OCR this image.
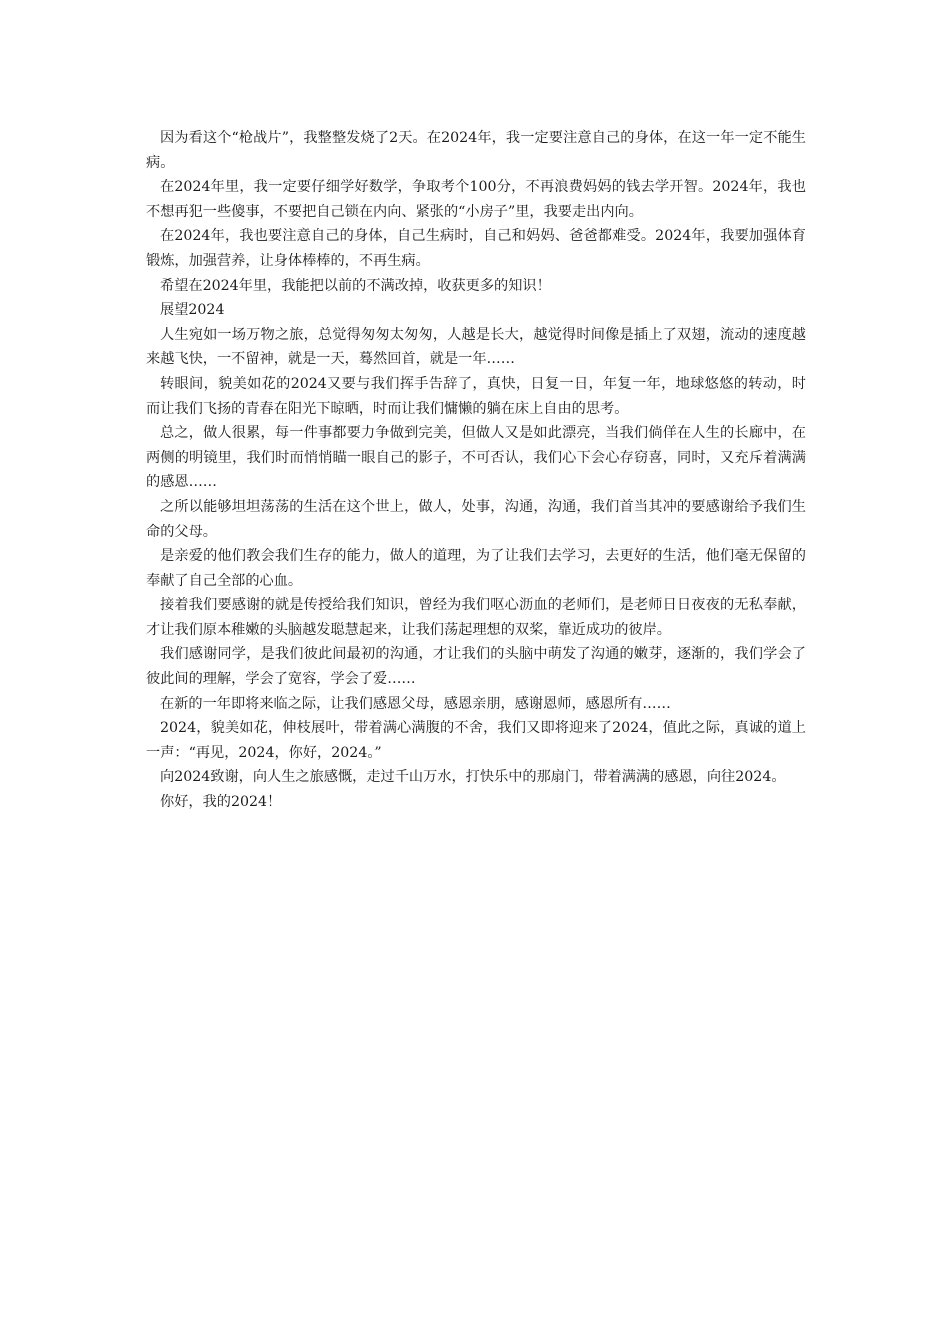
因为看这个“枪战片”，我整整发烧了2天。在2024年，我一定要注意自己的身体，在这一年一定不能生病。

在2024年里，我一定要仔细学好数学，争取考个100分，不再浪费妈妈的钱去学开智。2024年，我也不想再犯一些傻事，不要把自己锁在内向、紧张的“小房子”里，我要走出内向。

在2024年，我也要注意自己的身体，自己生病时，自己和妈妈、爸爸都难受。2024年，我要加强体育锻炼，加强营养，让身体棒棒的，不再生病。

希望在2024年里，我能把以前的不满改掉，收获更多的知识！

展望2024

人生宛如一场万物之旅，总觉得匆匆太匆匆，人越是长大，越觉得时间像是插上了双翅，流动的速度越来越飞快，一不留神，就是一天，蓦然回首，就是一年……

转眼间，貌美如花的2024又要与我们挥手告辞了，真快，日复一日，年复一年，地球悠悠的转动，时而让我们飞扬的青春在阳光下晾晒，时而让我们慵懒的躺在床上自由的思考。

总之，做人很累，每一件事都要力争做到完美，但做人又是如此漂亮，当我们倘佯在人生的长廊中，在两侧的明镜里，我们时而悄悄瞄一眼自己的影子，不可否认，我们心下会心存窃喜，同时，又充斥着满满的感恩……

之所以能够坦坦荡荡的生活在这个世上，做人，处事，沟通，沟通，我们首当其冲的要感谢给予我们生命的父母。

是亲爱的他们教会我们生存的能力，做人的道理，为了让我们去学习，去更好的生活，他们毫无保留的奉献了自己全部的心血。

接着我们要感谢的就是传授给我们知识，曾经为我们呕心沥血的老师们，是老师日日夜夜的无私奉献，才让我们原本稚嫩的头脑越发聪慧起来，让我们荡起理想的双桨，靠近成功的彼岸。

我们感谢同学，是我们彼此间最初的沟通，才让我们的头脑中萌发了沟通的嫩芽，逐渐的，我们学会了彼此间的理解，学会了宽容，学会了爱……

在新的一年即将来临之际，让我们感恩父母，感恩亲朋，感谢恩师，感恩所有……

2024，貌美如花，伸枝展叶，带着满心满腹的不舍，我们又即将迎来了2024，值此之际，真诚的道上一声：“再见，2024，你好，2024。”

向2024致谢，向人生之旅感慨，走过千山万水，打快乐中的那扇门，带着满满的感恩，向往2024。

你好，我的2024！
